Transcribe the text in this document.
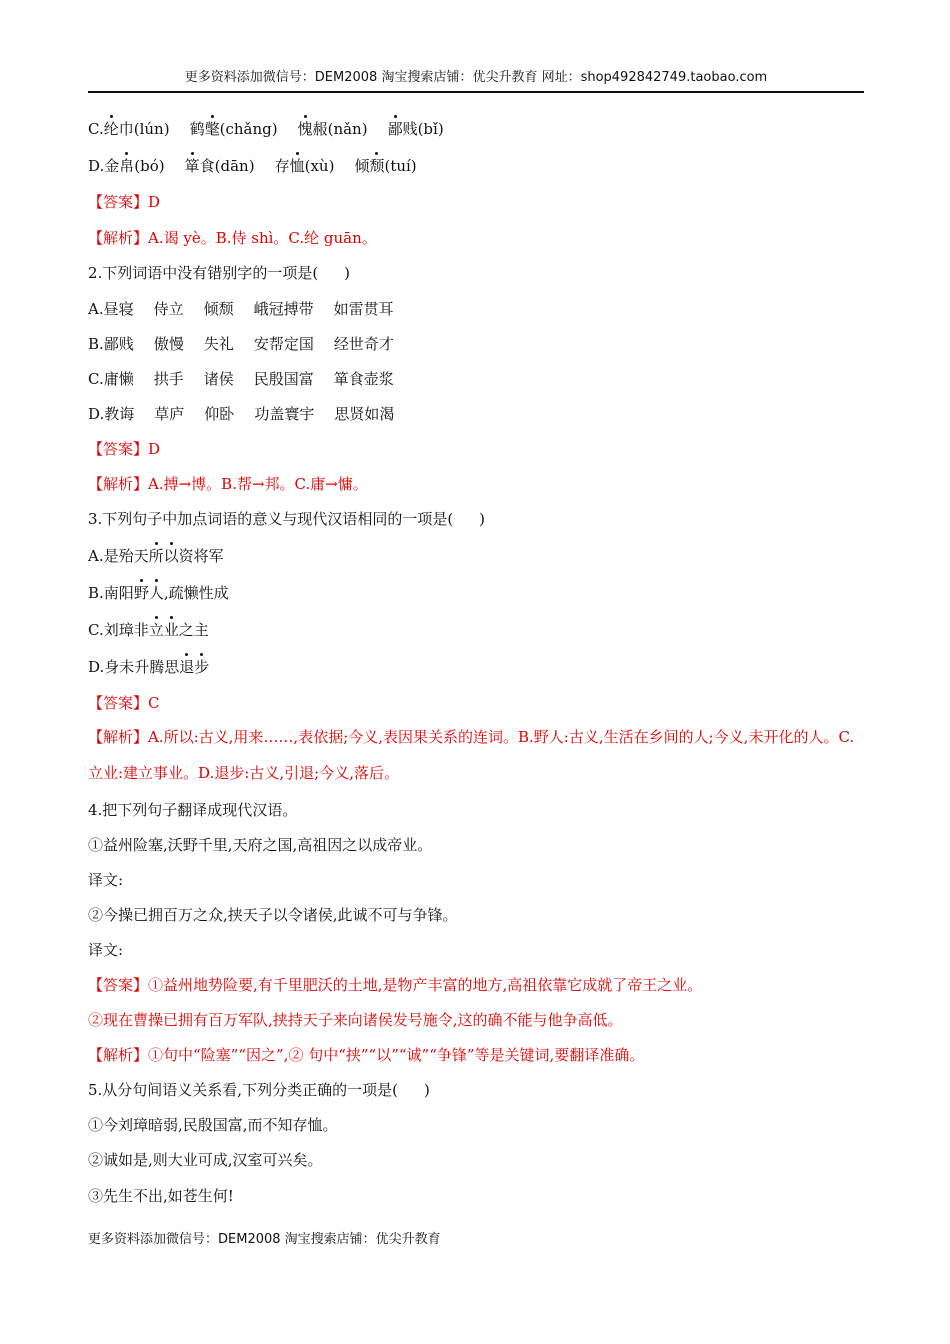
更多资料添加微信号：DEM2008 淘宝搜索店铺：优尖升教育 网址：shop492842749.taobao.com

C.纶巾(lún) 鹤氅(chǎng) 愧赧(nǎn) 鄙贱(bǐ)

D.金帛(bó) 箪食(dān) 存恤(xù) 倾颓(tuí)

【答案】D

【解析】A.谒 yè。B.侍 shì。C.纶 guān。

2.下列词语中没有错别字的一项是( )

A.昼寝 侍立 倾颓 峨冠搏带 如雷贯耳

B.鄙贱 傲慢 失礼 安帮定国 经世奇才

C.庸懒 拱手 诸侯 民殷国富 箪食壶浆

D.教诲 草庐 仰卧 功盖寰宇 思贤如渴

【答案】D

【解析】A.搏→博。B.帮→邦。C.庸→慵。

3.下列句子中加点词语的意义与现代汉语相同的一项是( )

A.是殆天所以资将军

B.南阳野人,疏懒性成

C.刘璋非立业之主

D.身未升腾思退步

【答案】C

【解析】A.所以:古义,用来……,表依据;今义,表因果关系的连词。B.野人:古义,生活在乡间的人;今义,未开化的人。C.立业:建立事业。D.退步:古义,引退;今义,落后。

4.把下列句子翻译成现代汉语。

①益州险塞,沃野千里,天府之国,高祖因之以成帝业。

译文:

②今操已拥百万之众,挟天子以令诸侯,此诚不可与争锋。

译文:

【答案】①益州地势险要,有千里肥沃的土地,是物产丰富的地方,高祖依靠它成就了帝王之业。

②现在曹操已拥有百万军队,挟持天子来向诸侯发号施令,这的确不能与他争高低。

【解析】①句中“险塞”“因之”,② 句中“挟”“以”“诚”“争锋”等是关键词,要翻译准确。

5.从分句间语义关系看,下列分类正确的一项是( )

①今刘璋暗弱,民殷国富,而不知存恤。

②诚如是,则大业可成,汉室可兴矣。

③先生不出,如苍生何!

更多资料添加微信号：DEM2008 淘宝搜索店铺：优尖升教育
